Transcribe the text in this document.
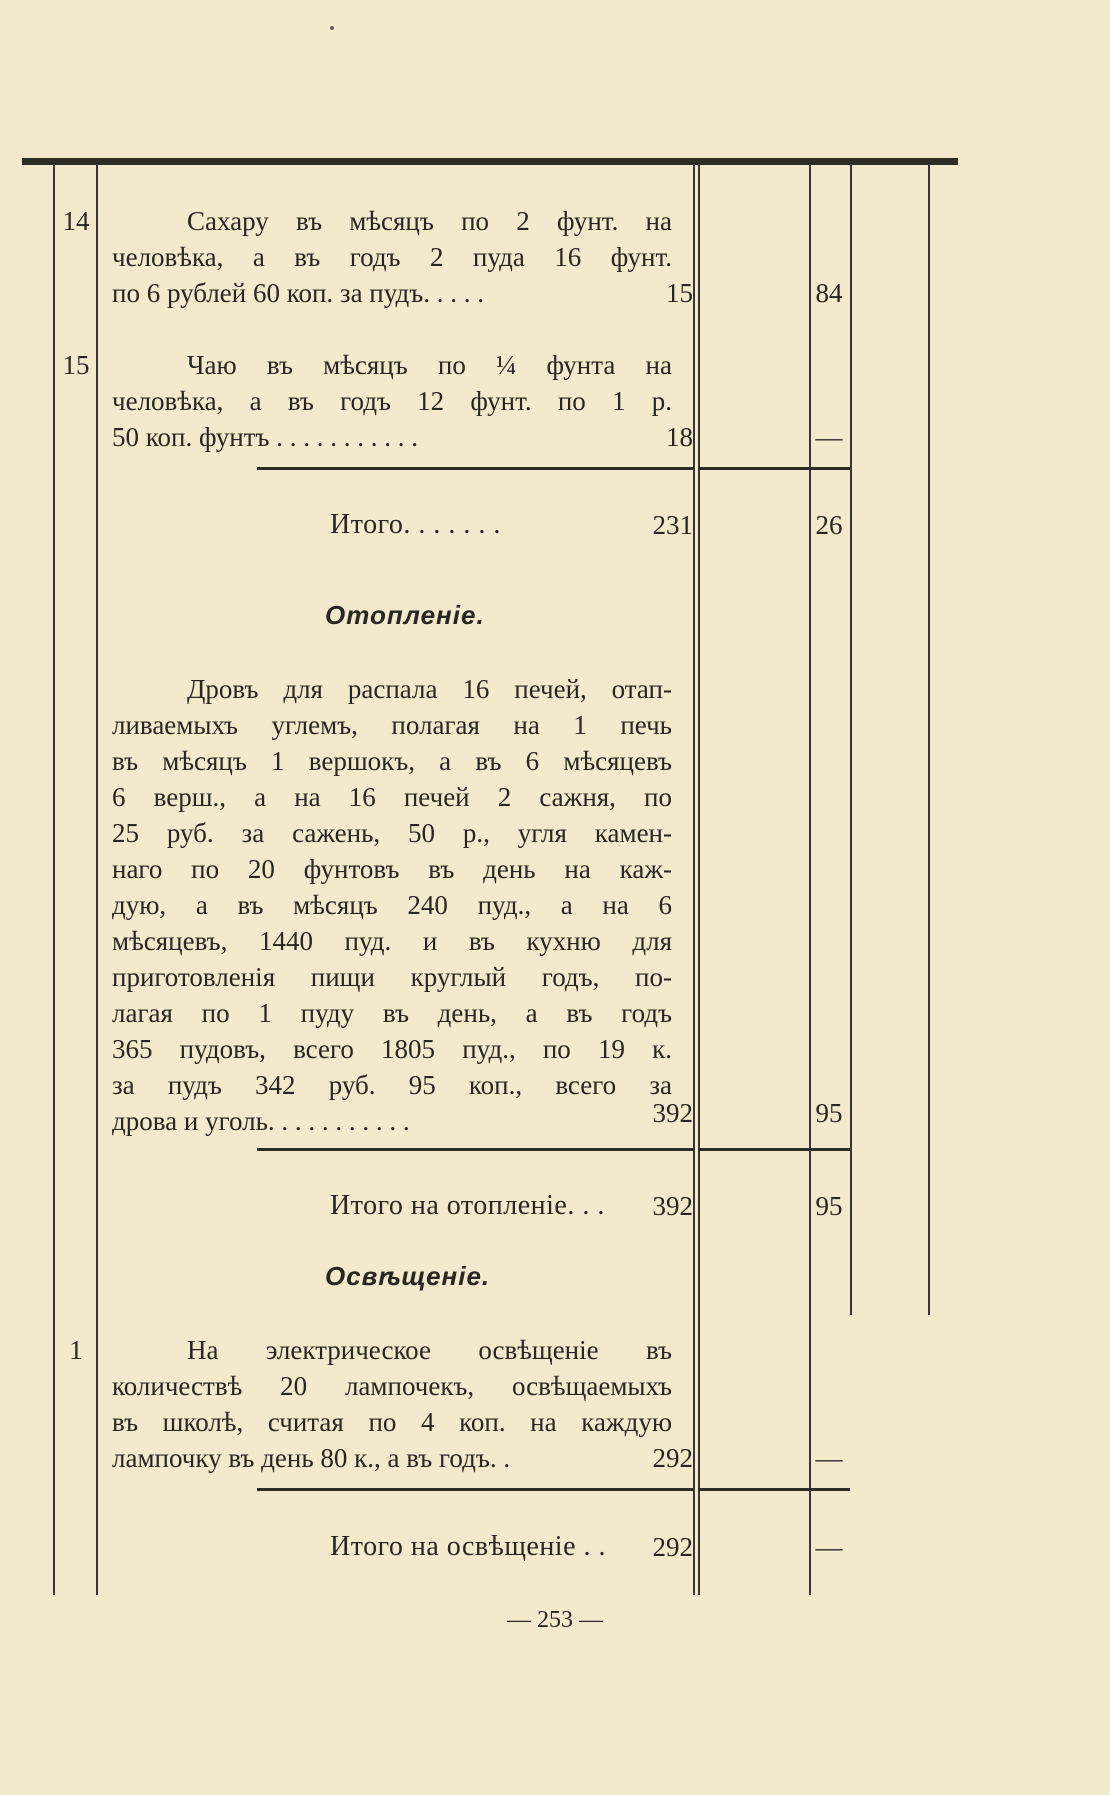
14	Сахару въ мѣсяцъ по 2 фунт. на
человѣка, а въ годъ 2 пуда 16 фунт.
по 6 рублей 60 коп. за пудъ. . . . .	15	84
15	Чаю въ мѣсяцъ по ¼ фунта на
человѣка, а въ годъ 12 фунт. по 1 р.
50 коп. фунтъ . . . . . . . . . . .	18	—
Итого. . . . . . .	231	26
Отопленіе.
Дровъ для распала 16 печей, отап-
ливаемыхъ углемъ, полагая на 1 печь
въ мѣсяцъ 1 вершокъ, а въ 6 мѣсяцевъ
6 верш., а на 16 печей 2 сажня, по
25 руб. за сажень, 50 р., угля камен-
наго по 20 фунтовъ въ день на каж-
дую, а въ мѣсяцъ 240 пуд., а на 6
мѣсяцевъ, 1440 пуд. и въ кухню для
приготовленія пищи круглый годъ, по-
лагая по 1 пуду въ день, а въ годъ
365 пудовъ, всего 1805 пуд., по 19 к.
за пудъ 342 руб. 95 коп., всего за
дрова и уголь. . . . . . . . . . .	392	95
Итого на отопленіе. . .	392	95
Освѣщеніе.
1	На электрическое освѣщеніе въ
количествѣ 20 лампочекъ, освѣщаемыхъ
въ школѣ, считая по 4 коп. на каждую
лампочку въ день 80 к., а въ годъ. .	292	—
Итого на освѣщеніе . .	292	—
— 253 —
